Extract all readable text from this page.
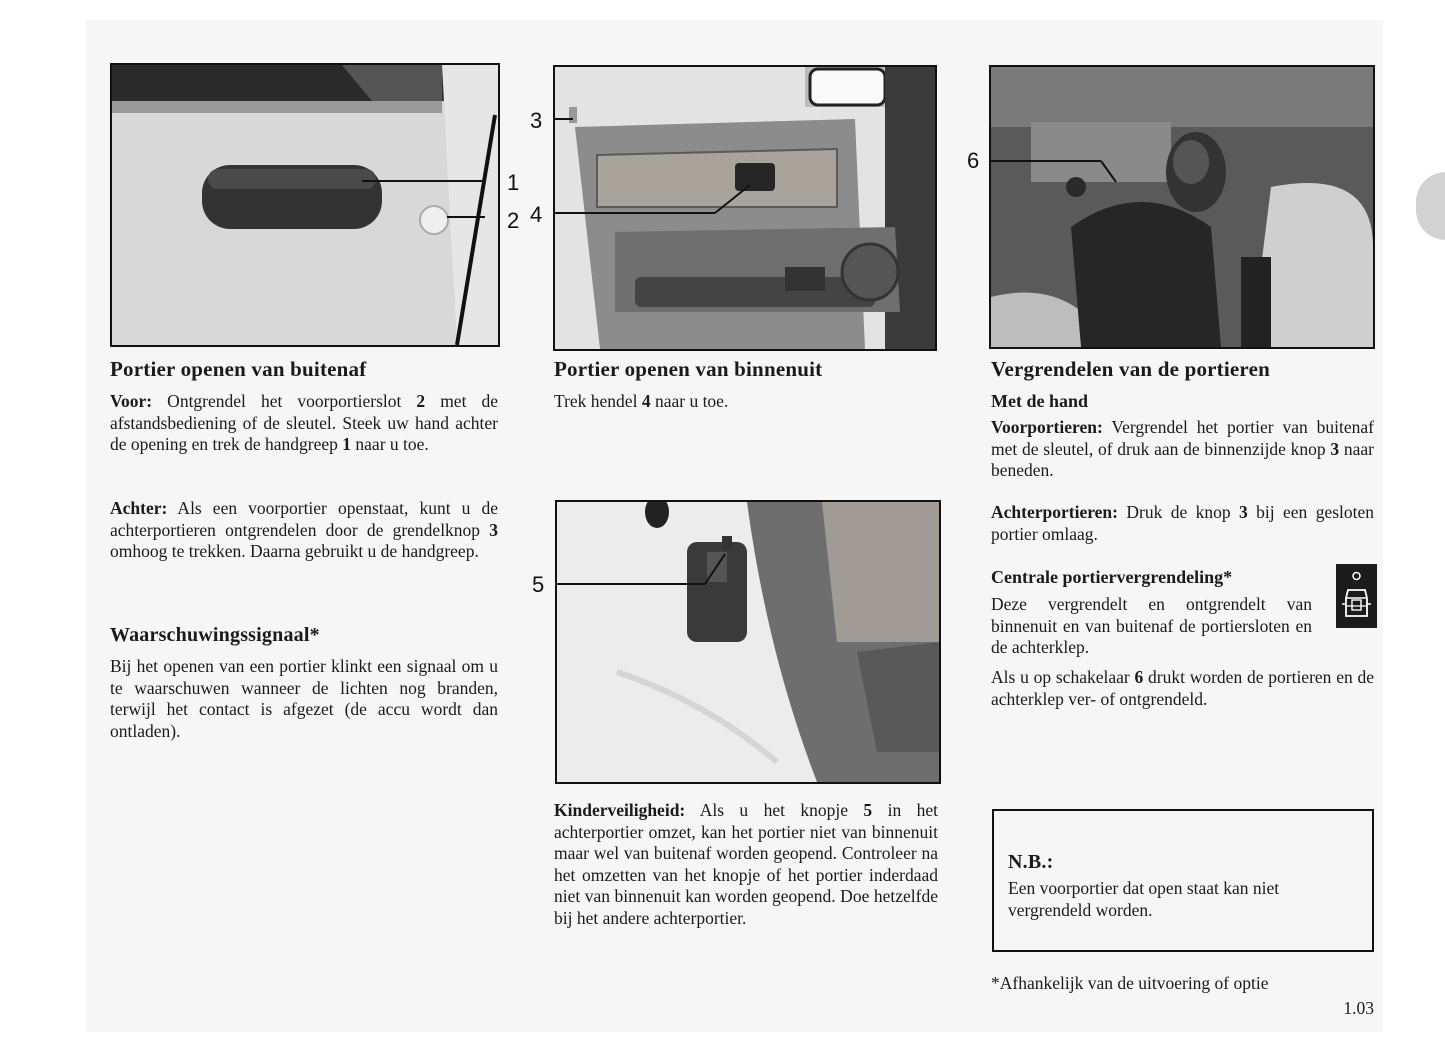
1
2
3
4
6
5
Portier openen van buitenaf
Voor: Ontgrendel het voorportierslot 2 met de afstandsbediening of de sleutel. Steek uw hand achter de opening en trek de handgreep 1 naar u toe.
Achter: Als een voorportier openstaat, kunt u de achterportieren ontgrendelen door de grendelknop 3 omhoog te trekken. Daarna gebruikt u de handgreep.
Waarschuwingssignaal*
Bij het openen van een portier klinkt een signaal om u te waarschuwen wanneer de lichten nog branden, terwijl het contact is afgezet (de accu wordt dan ontladen).
Portier openen van binnenuit
Trek hendel 4 naar u toe.
Kinderveiligheid: Als u het knopje 5 in het achterportier omzet, kan het portier niet van binnenuit maar wel van buitenaf worden geopend. Controleer na het omzetten van het knopje of het portier inderdaad niet van binnenuit kan worden geopend. Doe hetzelfde bij het andere achterportier.
Vergrendelen van de portieren
Met de hand
Voorportieren: Vergrendel het portier van buitenaf met de sleutel, of druk aan de binnenzijde knop 3 naar beneden.
Achterportieren: Druk de knop 3 bij een gesloten portier omlaag.
Centrale portiervergrendeling*
Deze vergrendelt en ontgrendelt van binnenuit en van buitenaf de portiersloten en de achterklep.
Als u op schakelaar 6 drukt worden de portieren en de achterklep ver- of ontgrendeld.
N.B.:
Een voorportier dat open staat kan niet vergrendeld worden.
*Afhankelijk van de uitvoering of optie
1.03
